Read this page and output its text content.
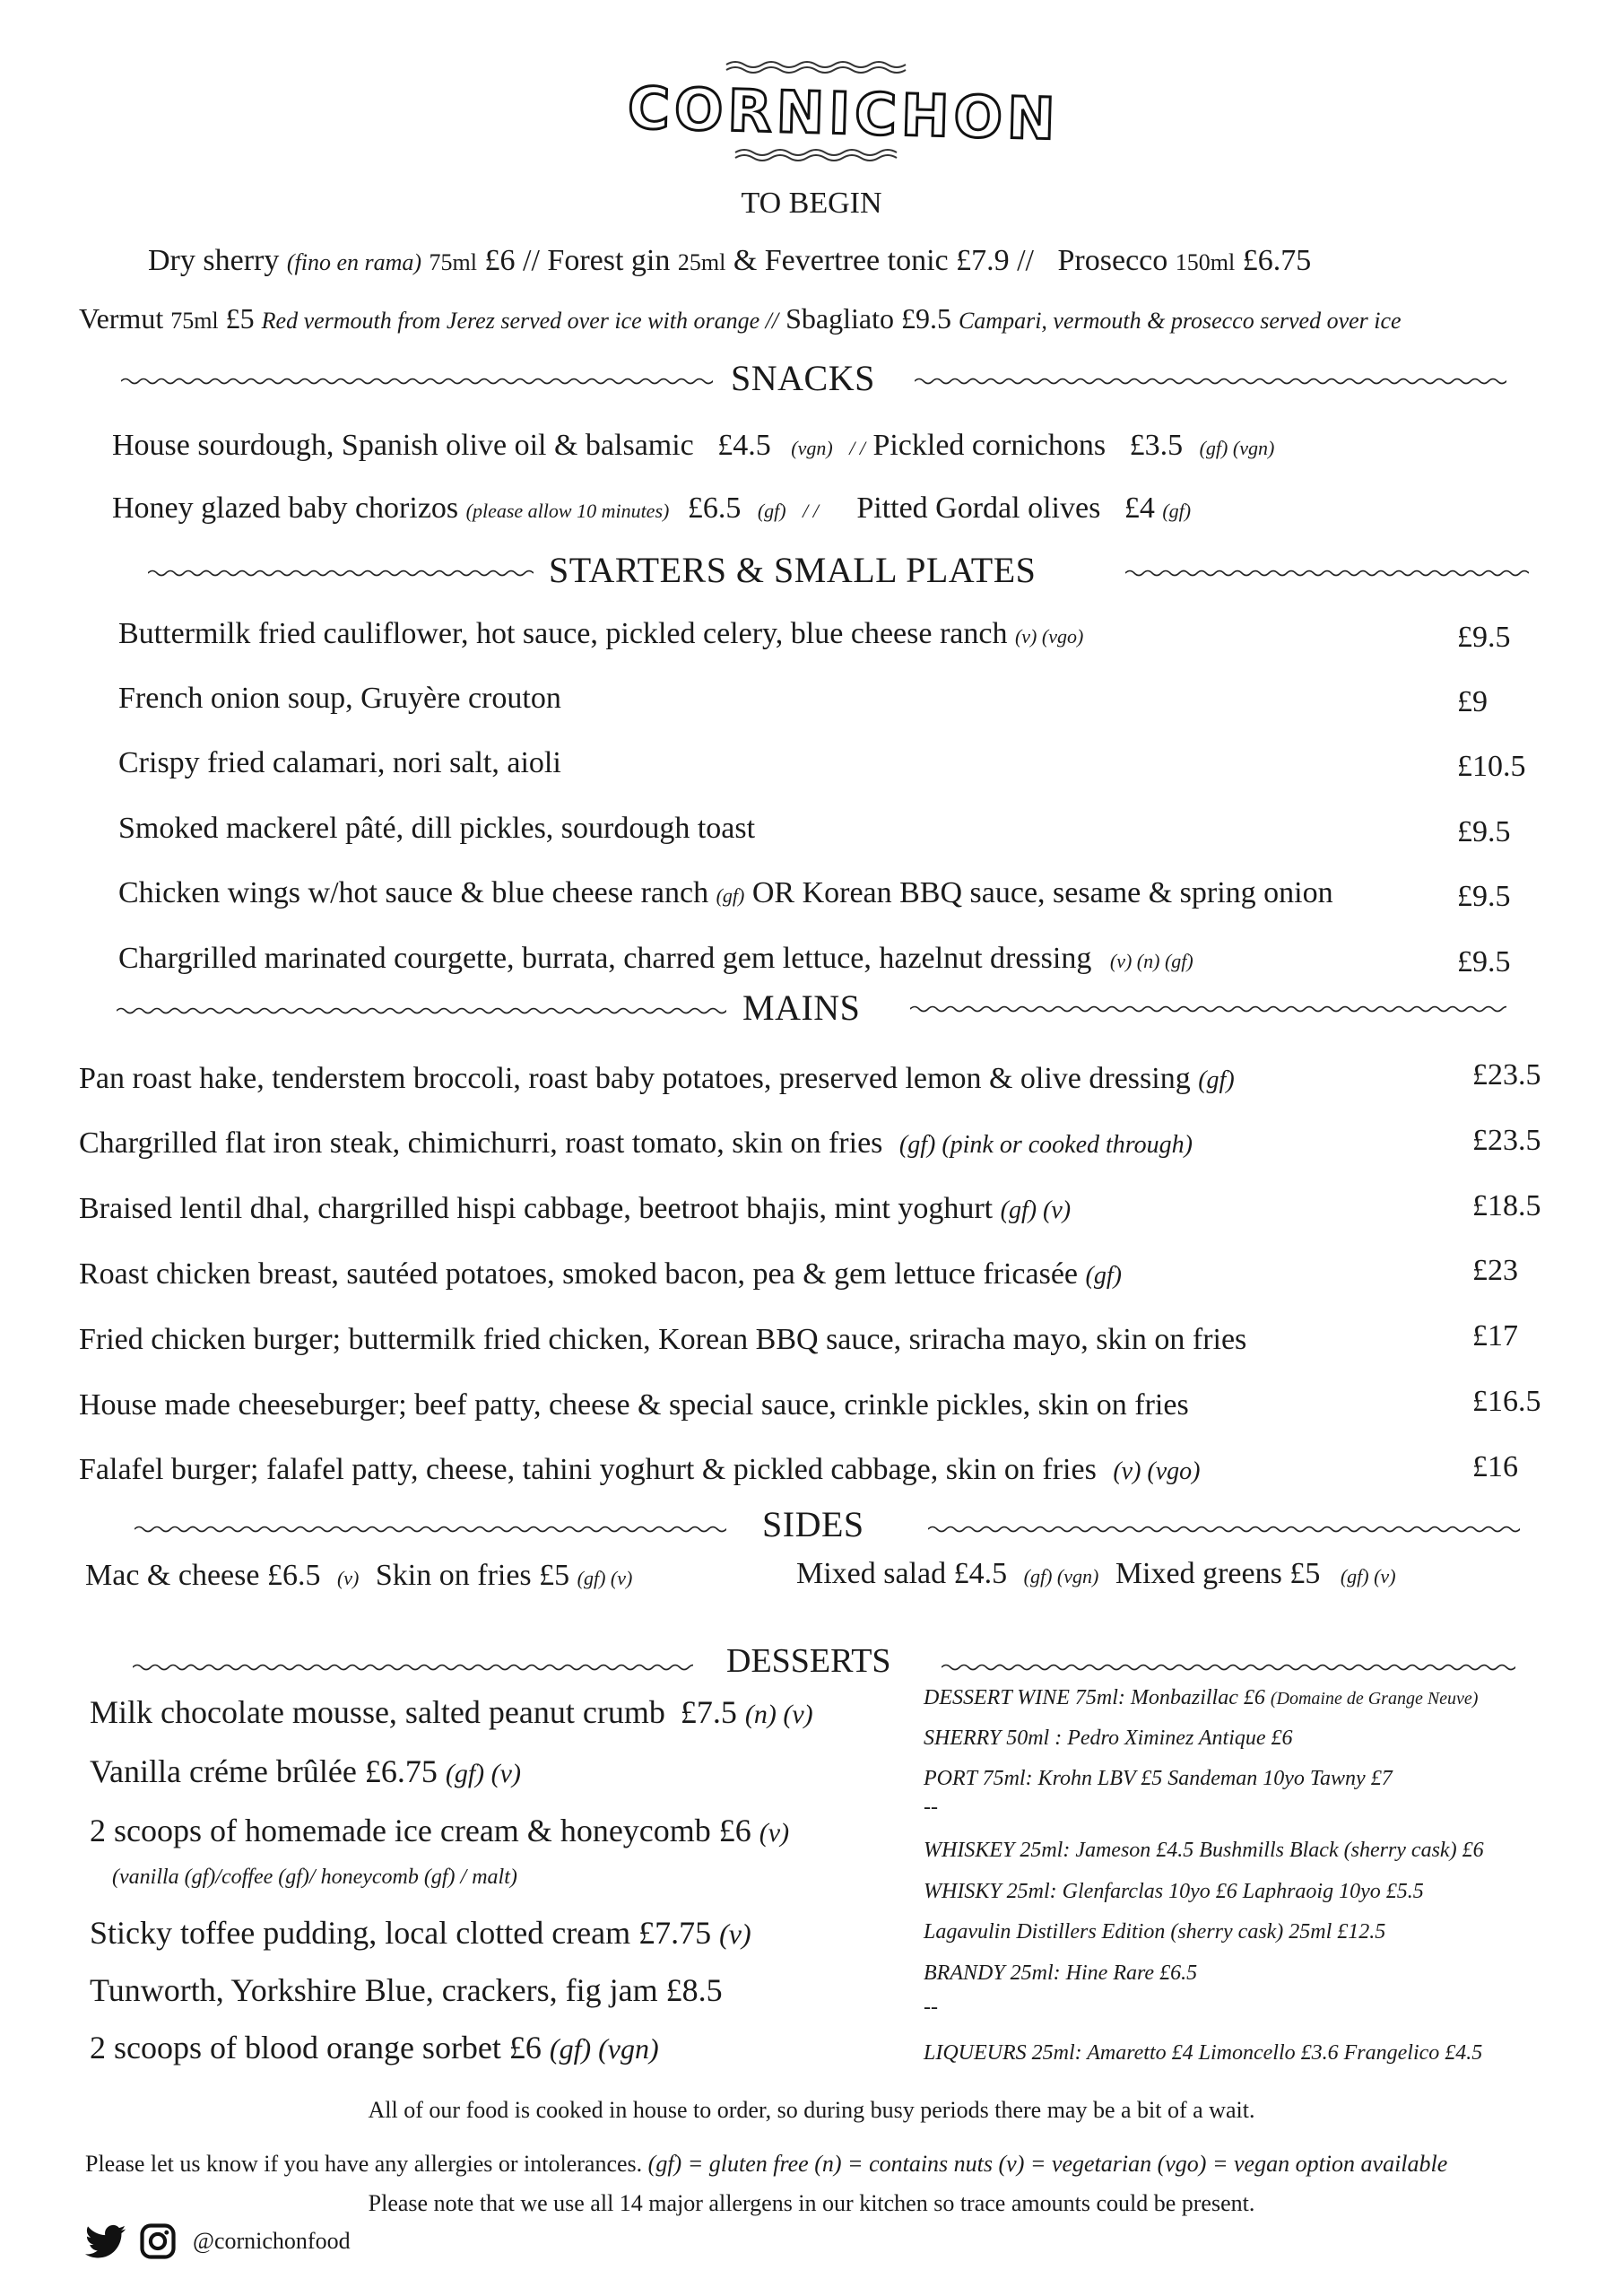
CORNICHON
TO BEGIN
Dry sherry (fino en rama) 75ml £6 // Forest gin 25ml & Fevertree tonic £7.9 // Prosecco 150ml £6.75
Vermut 75ml £5 Red vermouth from Jerez served over ice with orange // Sbagliato £9.5 Campari, vermouth & prosecco served over ice
SNACKS
House sourdough, Spanish olive oil & balsamic £4.5 (vgn) / / Pickled cornichons £3.5 (gf) (vgn)
Honey glazed baby chorizos (please allow 10 minutes) £6.5 (gf) / / Pitted Gordal olives £4 (gf)
STARTERS & SMALL PLATES
Buttermilk fried cauliflower, hot sauce, pickled celery, blue cheese ranch (v) (vgo)	£9.5
French onion soup, Gruyère crouton	£9
Crispy fried calamari, nori salt, aioli	£10.5
Smoked mackerel pâté, dill pickles, sourdough toast	£9.5
Chicken wings w/hot sauce & blue cheese ranch (gf) OR Korean BBQ sauce, sesame & spring onion	£9.5
Chargrilled marinated courgette, burrata, charred gem lettuce, hazelnut dressing (v) (n) (gf)	£9.5
MAINS
Pan roast hake, tenderstem broccoli, roast baby potatoes, preserved lemon & olive dressing (gf)	£23.5
Chargrilled flat iron steak, chimichurri, roast tomato, skin on fries (gf) (pink or cooked through)	£23.5
Braised lentil dhal, chargrilled hispi cabbage, beetroot bhajis, mint yoghurt (gf) (v)	£18.5
Roast chicken breast, sautéed potatoes, smoked bacon, pea & gem lettuce fricasée (gf)	£23
Fried chicken burger; buttermilk fried chicken, Korean BBQ sauce, sriracha mayo, skin on fries	£17
House made cheeseburger; beef patty, cheese & special sauce, crinkle pickles, skin on fries	£16.5
Falafel burger; falafel patty, cheese, tahini yoghurt & pickled cabbage, skin on fries (v) (vgo)	£16
SIDES
Mac & cheese £6.5 (v) Skin on fries £5 (gf) (v)	Mixed salad £4.5 (gf) (vgn) Mixed greens £5 (gf) (v)
DESSERTS
Milk chocolate mousse, salted peanut crumb £7.5 (n) (v)
Vanilla créme brûlée £6.75 (gf) (v)
2 scoops of homemade ice cream & honeycomb £6 (v)
(vanilla (gf)/coffee (gf)/ honeycomb (gf) / malt)
Sticky toffee pudding, local clotted cream £7.75 (v)
Tunworth, Yorkshire Blue, crackers, fig jam £8.5
2 scoops of blood orange sorbet £6 (gf) (vgn)
DESSERT WINE 75ml: Monbazillac £6 (Domaine de Grange Neuve)
SHERRY 50ml : Pedro Ximinez Antique £6
PORT 75ml: Krohn LBV £5 Sandeman 10yo Tawny £7
--
WHISKEY 25ml: Jameson £4.5 Bushmills Black (sherry cask) £6
WHISKY 25ml: Glenfarclas 10yo £6 Laphraoig 10yo £5.5
Lagavulin Distillers Edition (sherry cask) 25ml £12.5
BRANDY 25ml: Hine Rare £6.5
--
LIQUEURS 25ml: Amaretto £4 Limoncello £3.6 Frangelico £4.5
All of our food is cooked in house to order, so during busy periods there may be a bit of a wait.
Please let us know if you have any allergies or intolerances. (gf) = gluten free (n) = contains nuts (v) = vegetarian (vgo) = vegan option available
Please note that we use all 14 major allergens in our kitchen so trace amounts could be present.
@cornichonfood
